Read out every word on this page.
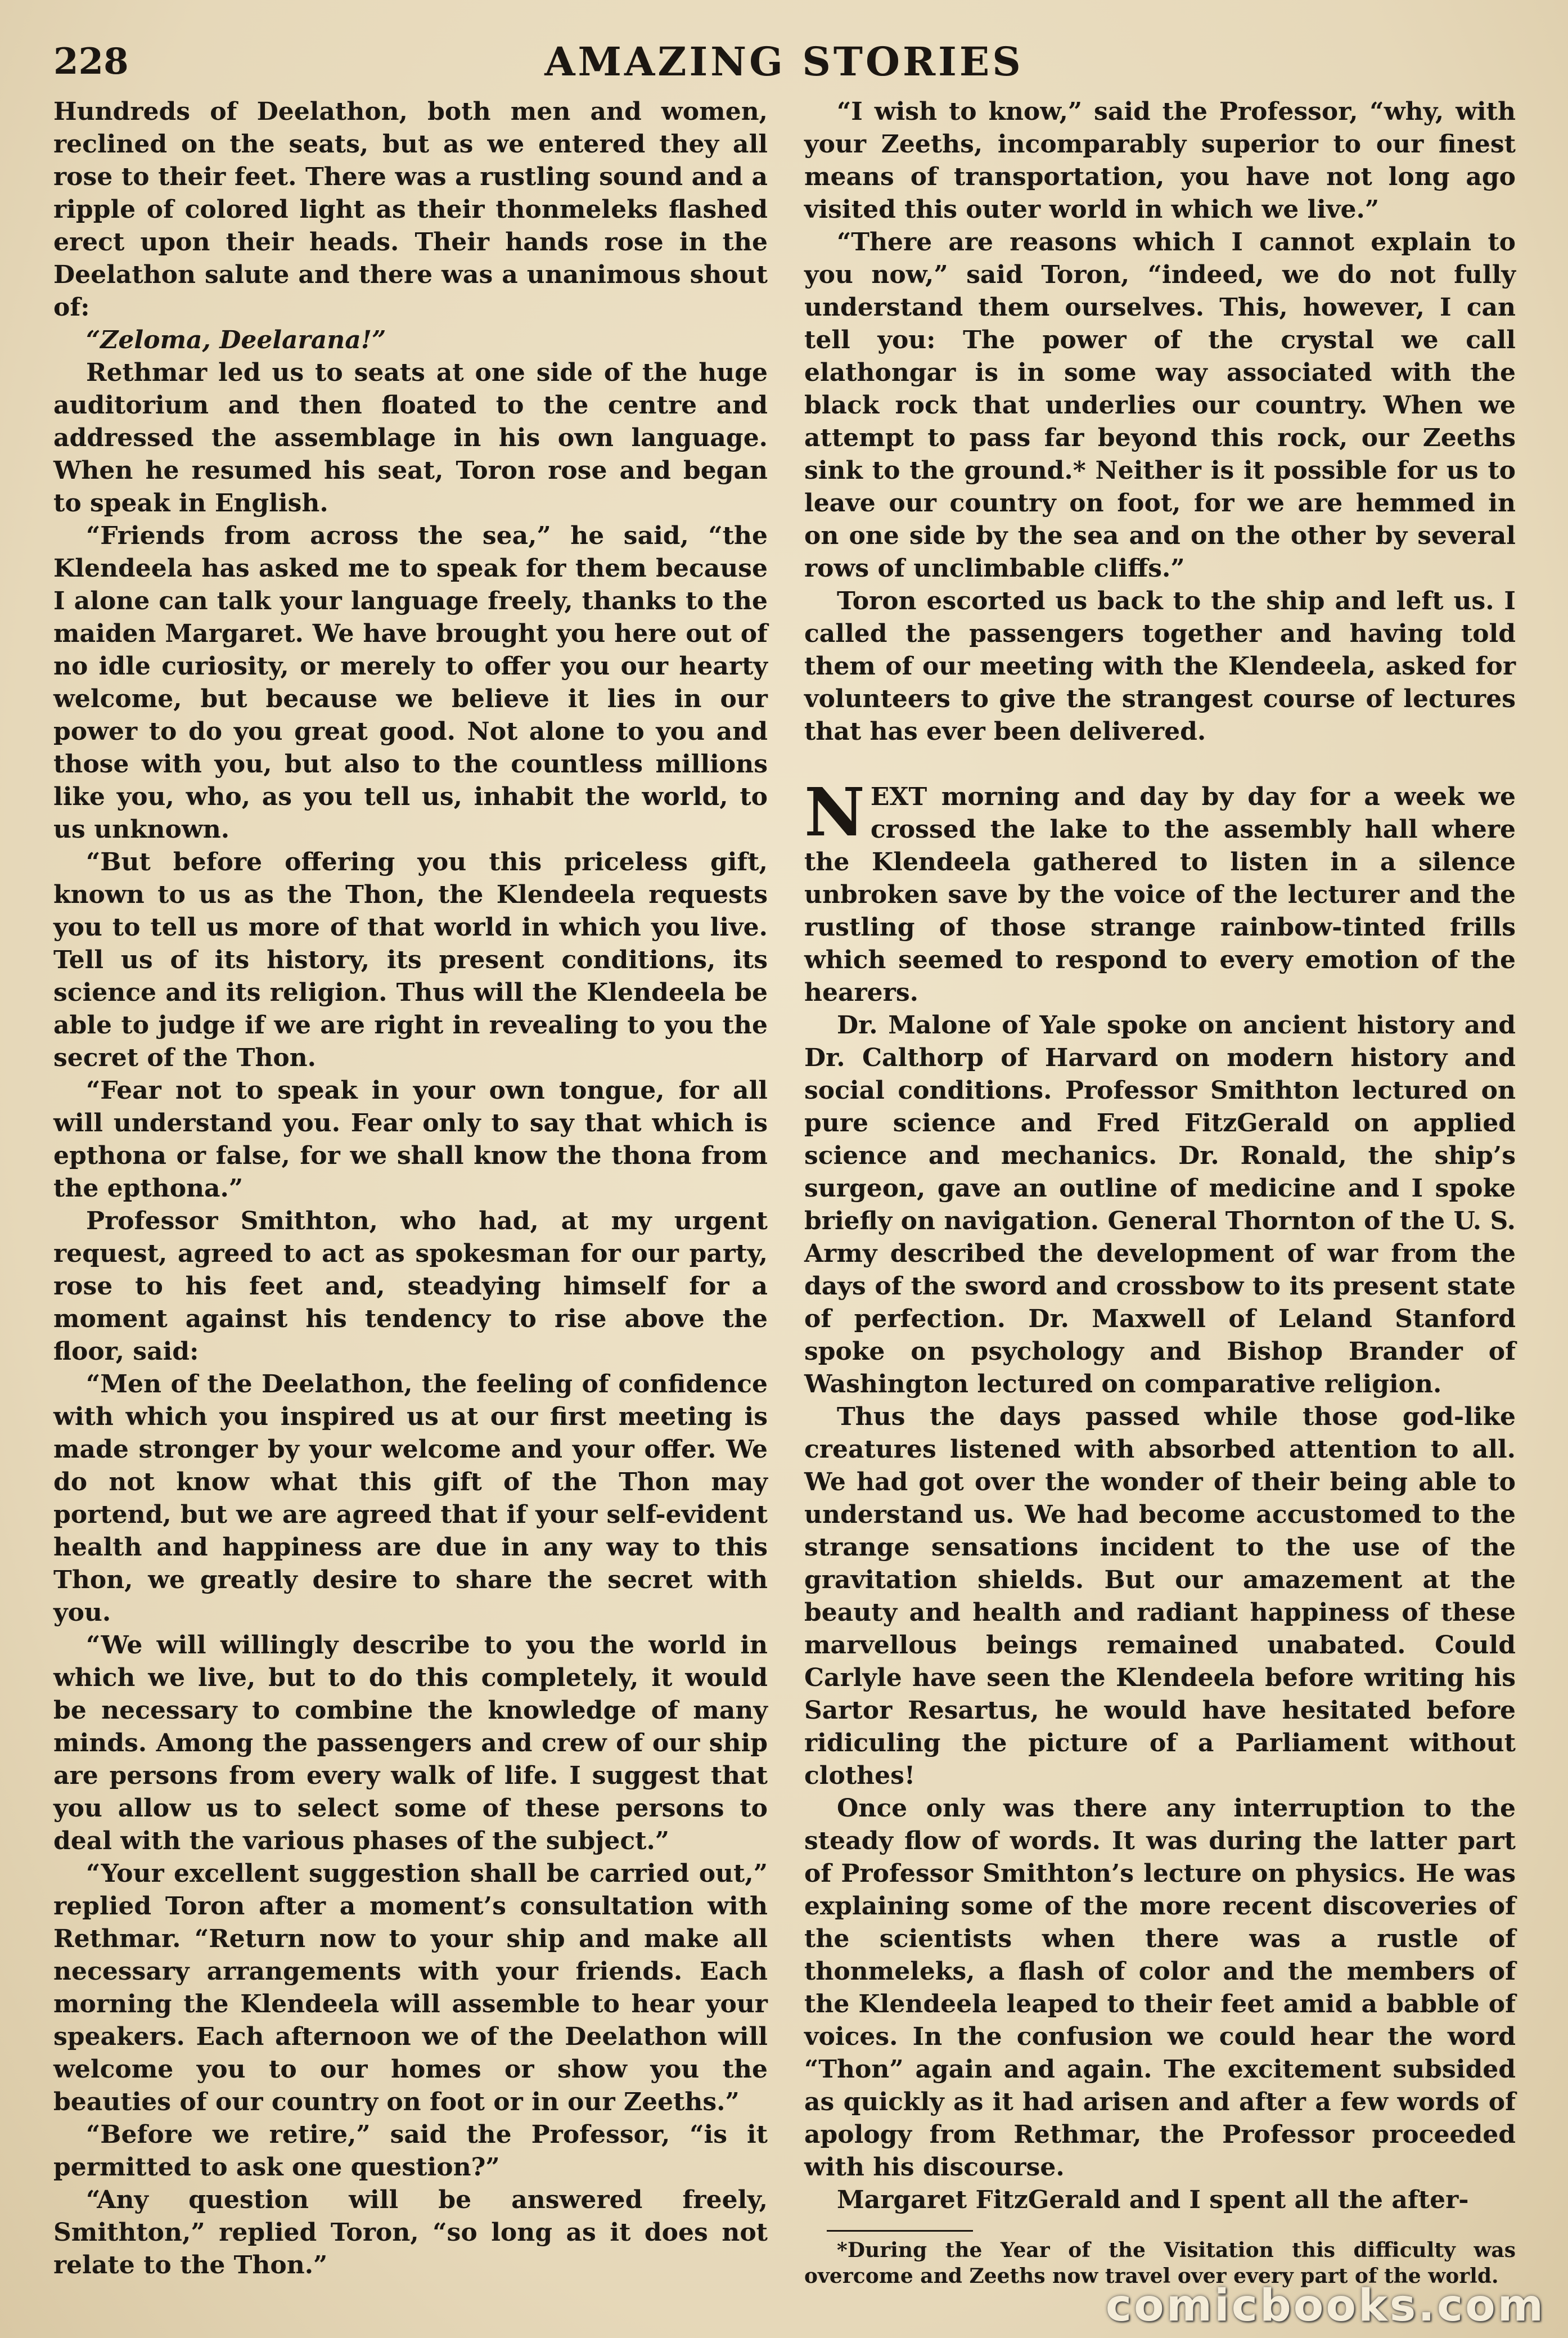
228	AMAZING STORIES

Hundreds of Deelathon, both men and women, reclined on the seats, but as we entered they all rose to their feet. There was a rustling sound and a ripple of colored light as their thonmeleks flashed erect upon their heads. Their hands rose in the Deelathon salute and there was a unanimous shout of:

“Zeloma, Deelarana!”

Rethmar led us to seats at one side of the huge auditorium and then floated to the centre and addressed the assemblage in his own language. When he resumed his seat, Toron rose and began to speak in English.

“Friends from across the sea,” he said, “the Klendeela has asked me to speak for them because I alone can talk your language freely, thanks to the maiden Margaret. We have brought you here out of no idle curiosity, or merely to offer you our hearty welcome, but because we believe it lies in our power to do you great good. Not alone to you and those with you, but also to the countless millions like you, who, as you tell us, inhabit the world, to us unknown.

“But before offering you this priceless gift, known to us as the Thon, the Klendeela requests you to tell us more of that world in which you live. Tell us of its history, its present conditions, its science and its religion. Thus will the Klendeela be able to judge if we are right in revealing to you the secret of the Thon.

“Fear not to speak in your own tongue, for all will understand you. Fear only to say that which is epthona or false, for we shall know the thona from the epthona.”

Professor Smithton, who had, at my urgent request, agreed to act as spokesman for our party, rose to his feet and, steadying himself for a moment against his tendency to rise above the floor, said:

“Men of the Deelathon, the feeling of confidence with which you inspired us at our first meeting is made stronger by your welcome and your offer. We do not know what this gift of the Thon may portend, but we are agreed that if your self-evident health and happiness are due in any way to this Thon, we greatly desire to share the secret with you.

“We will willingly describe to you the world in which we live, but to do this completely, it would be necessary to combine the knowledge of many minds. Among the passengers and crew of our ship are persons from every walk of life. I suggest that you allow us to select some of these persons to deal with the various phases of the subject.”

“Your excellent suggestion shall be carried out,” replied Toron after a moment’s consultation with Rethmar. “Return now to your ship and make all necessary arrangements with your friends. Each morning the Klendeela will assemble to hear your speakers. Each afternoon we of the Deelathon will welcome you to our homes or show you the beauties of our country on foot or in our Zeeths.”

“Before we retire,” said the Professor, “is it permitted to ask one question?”

“Any question will be answered freely, Smithton,” replied Toron, “so long as it does not relate to the Thon.”

“I wish to know,” said the Professor, “why, with your Zeeths, incomparably superior to our finest means of transportation, you have not long ago visited this outer world in which we live.”

“There are reasons which I cannot explain to you now,” said Toron, “indeed, we do not fully understand them ourselves. This, however, I can tell you: The power of the crystal we call elathongar is in some way associated with the black rock that underlies our country. When we attempt to pass far beyond this rock, our Zeeths sink to the ground.* Neither is it possible for us to leave our country on foot, for we are hemmed in on one side by the sea and on the other by several rows of unclimbable cliffs.”

Toron escorted us back to the ship and left us. I called the passengers together and having told them of our meeting with the Klendeela, asked for volunteers to give the strangest course of lectures that has ever been delivered.

NEXT morning and day by day for a week we crossed the lake to the assembly hall where the Klendeela gathered to listen in a silence unbroken save by the voice of the lecturer and the rustling of those strange rainbow-tinted frills which seemed to respond to every emotion of the hearers.

Dr. Malone of Yale spoke on ancient history and Dr. Calthorp of Harvard on modern history and social conditions. Professor Smithton lectured on pure science and Fred FitzGerald on applied science and mechanics. Dr. Ronald, the ship’s surgeon, gave an outline of medicine and I spoke briefly on navigation. General Thornton of the U. S. Army described the development of war from the days of the sword and crossbow to its present state of perfection. Dr. Maxwell of Leland Stanford spoke on psychology and Bishop Brander of Washington lectured on comparative religion.

Thus the days passed while those god-like creatures listened with absorbed attention to all. We had got over the wonder of their being able to understand us. We had become accustomed to the strange sensations incident to the use of the gravitation shields. But our amazement at the beauty and health and radiant happiness of these marvellous beings remained unabated. Could Carlyle have seen the Klendeela before writing his Sartor Resartus, he would have hesitated before ridiculing the picture of a Parliament without clothes!

Once only was there any interruption to the steady flow of words. It was during the latter part of Professor Smithton’s lecture on physics. He was explaining some of the more recent discoveries of the scientists when there was a rustle of thonmeleks, a flash of color and the members of the Klendeela leaped to their feet amid a babble of voices. In the confusion we could hear the word “Thon” again and again. The excitement subsided as quickly as it had arisen and after a few words of apology from Rethmar, the Professor proceeded with his discourse.

Margaret FitzGerald and I spent all the after-

*During the Year of the Visitation this difficulty was overcome and Zeeths now travel over every part of the world.

comicbooks.com
